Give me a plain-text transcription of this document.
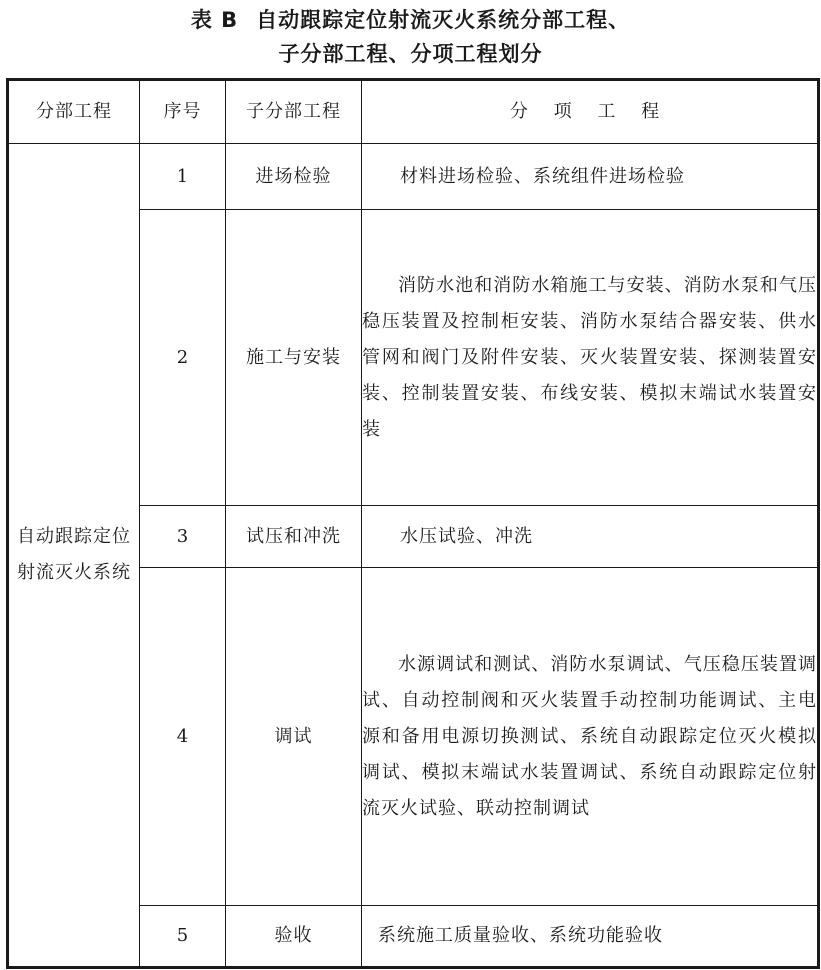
表 B 自动跟踪定位射流灭火系统分部工程、
子分部工程、分项工程划分
分部工程	序号	子分部工程	分 项 工 程
自动跟踪定位射流灭火系统	1	进场检验	材料进场检验、系统组件进场检验
	2	施工与安装	消防水池和消防水箱施工与安装、消防水泵和气压稳压装置及控制柜安装、消防水泵结合器安装、供水管网和阀门及附件安装、灭火装置安装、探测装置安装、控制装置安装、布线安装、模拟末端试水装置安装
	3	试压和冲洗	水压试验、冲洗
	4	调试	水源调试和测试、消防水泵调试、气压稳压装置调试、自动控制阀和灭火装置手动控制功能调试、主电源和备用电源切换测试、系统自动跟踪定位灭火模拟调试、模拟末端试水装置调试、系统自动跟踪定位射流灭火试验、联动控制调试
	5	验收	系统施工质量验收、系统功能验收
